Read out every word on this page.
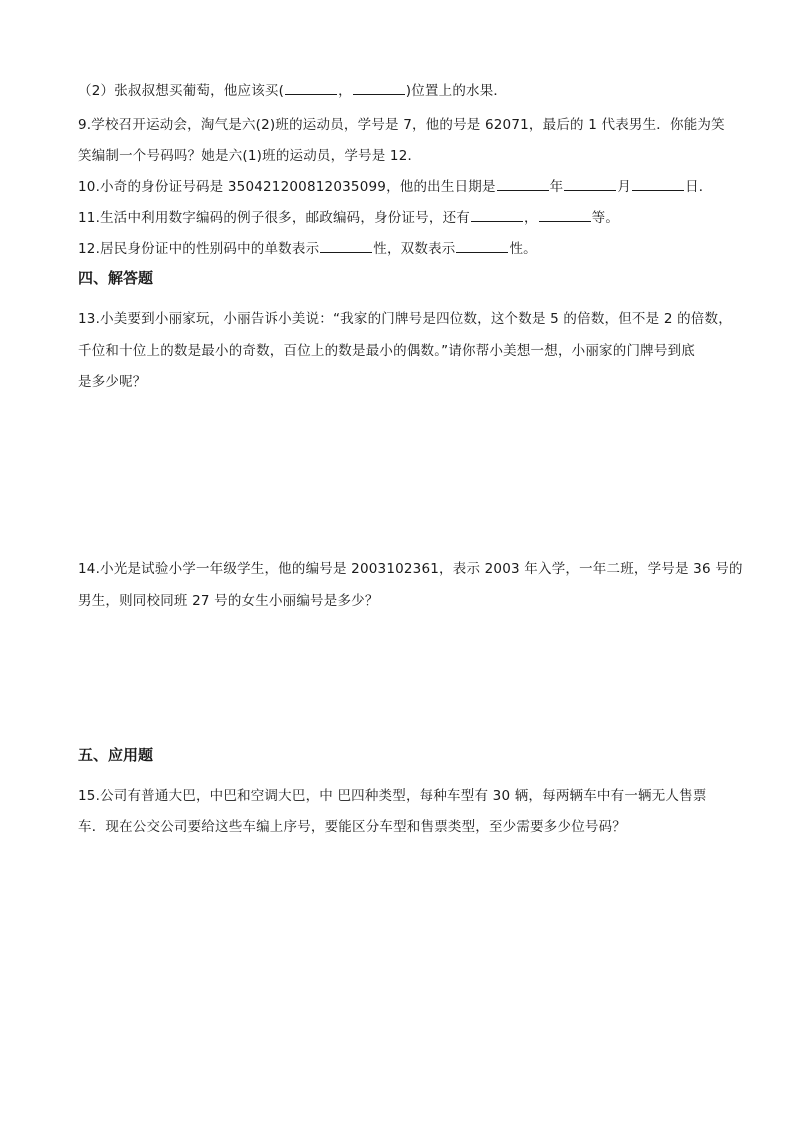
（2）张叔叔想买葡萄，他应该买(	，	)位置上的水果．
9.学校召开运动会，淘气是六(2)班的运动员，学号是 7，他的号是 62071，最后的 1 代表男生．你能为笑
笑编制一个号码吗？她是六(1)班的运动员，学号是 12．
10.小奇的身份证号码是 350421200812035099，他的出生日期是	年	月	日．
11.生活中利用数字编码的例子很多，邮政编码，身份证号，还有	，	等。
12.居民身份证中的性别码中的单数表示	性，双数表示	性。
四、解答题
13.小美要到小丽家玩，小丽告诉小美说：“我家的门牌号是四位数，这个数是 5 的倍数，但不是 2 的倍数，
千位和十位上的数是最小的奇数，百位上的数是最小的偶数。”请你帮小美想一想，小丽家的门牌号到底
是多少呢？
14.小光是试验小学一年级学生，他的编号是 2003102361，表示 2003 年入学，一年二班，学号是 36 号的
男生，则同校同班 27 号的女生小丽编号是多少？
五、应用题
15.公司有普通大巴，中巴和空调大巴，中 巴四种类型，每种车型有 30 辆，每两辆车中有一辆无人售票
车．现在公交公司要给这些车编上序号，要能区分车型和售票类型，至少需要多少位号码？
